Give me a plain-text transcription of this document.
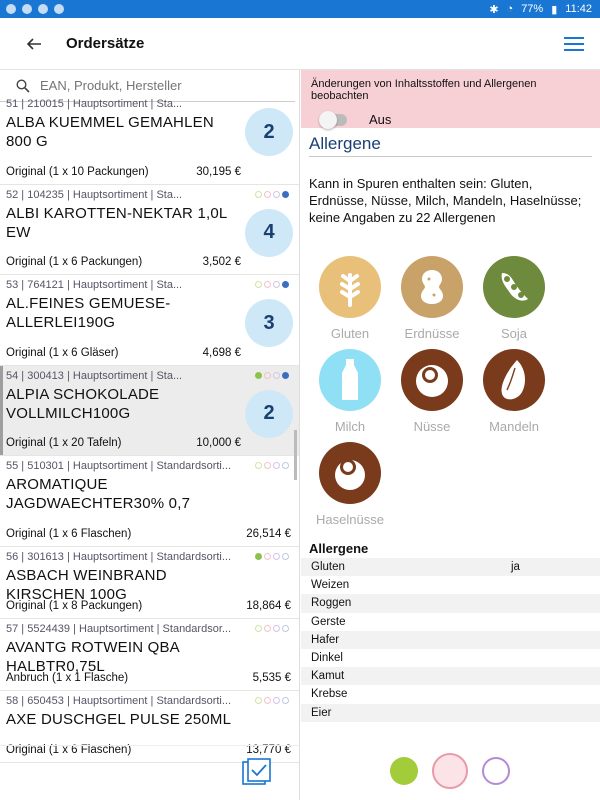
✱ ◔ 77% ▮ 11:42
Ordersätze
EAN, Produkt, Hersteller
51 | 210015 | Hauptsortiment | Sta...
ALBA KUEMMEL GEMAHLEN 800 G
Original (1 x 10 Packungen)	30,195 €
2
52 | 104235 | Hauptsortiment | Sta...
ALBI KAROTTEN-NEKTAR 1,0L EW
Original (1 x 6 Packungen)	3,502 €
4
53 | 764121 | Hauptsortiment | Sta...
AL.FEINES GEMUESE-ALLERLEI190G
Original (1 x 6 Gläser)	4,698 €
3
54 | 300413 | Hauptsortiment | Sta...
ALPIA SCHOKOLADE VOLLMILCH100G
Original (1 x 20 Tafeln)	10,000 €
2
55 | 510301 | Hauptsortiment | Standardsorti...
AROMATIQUE JAGDWAECHTER30% 0,7
Original (1 x 6 Flaschen)	26,514 €
56 | 301613 | Hauptsortiment | Standardsorti...
ASBACH WEINBRAND KIRSCHEN 100G
Original (1 x 8 Packungen)	18,864 €
57 | 5524439 | Hauptsortiment | Standardsor...
AVANTG ROTWEIN QBA HALBTR0,75L
Anbruch (1 x 1 Flasche)	5,535 €
58 | 650453 | Hauptsortiment | Standardsorti...
AXE DUSCHGEL PULSE 250ML
Original (1 x 6 Flaschen)	13,770 €
Änderungen von Inhaltsstoffen und Allergenen beobachten
Aus
Allergene
Kann in Spuren enthalten sein: Gluten, Erdnüsse, Nüsse, Milch, Mandeln, Haselnüsse; keine Angaben zu 22 Allergenen
Gluten	Erdnüsse	Soja
Milch	Nüsse	Mandeln
Haselnüsse
Allergene
Gluten	ja
Weizen
Roggen
Gerste
Hafer
Dinkel
Kamut
Krebse
Eier
